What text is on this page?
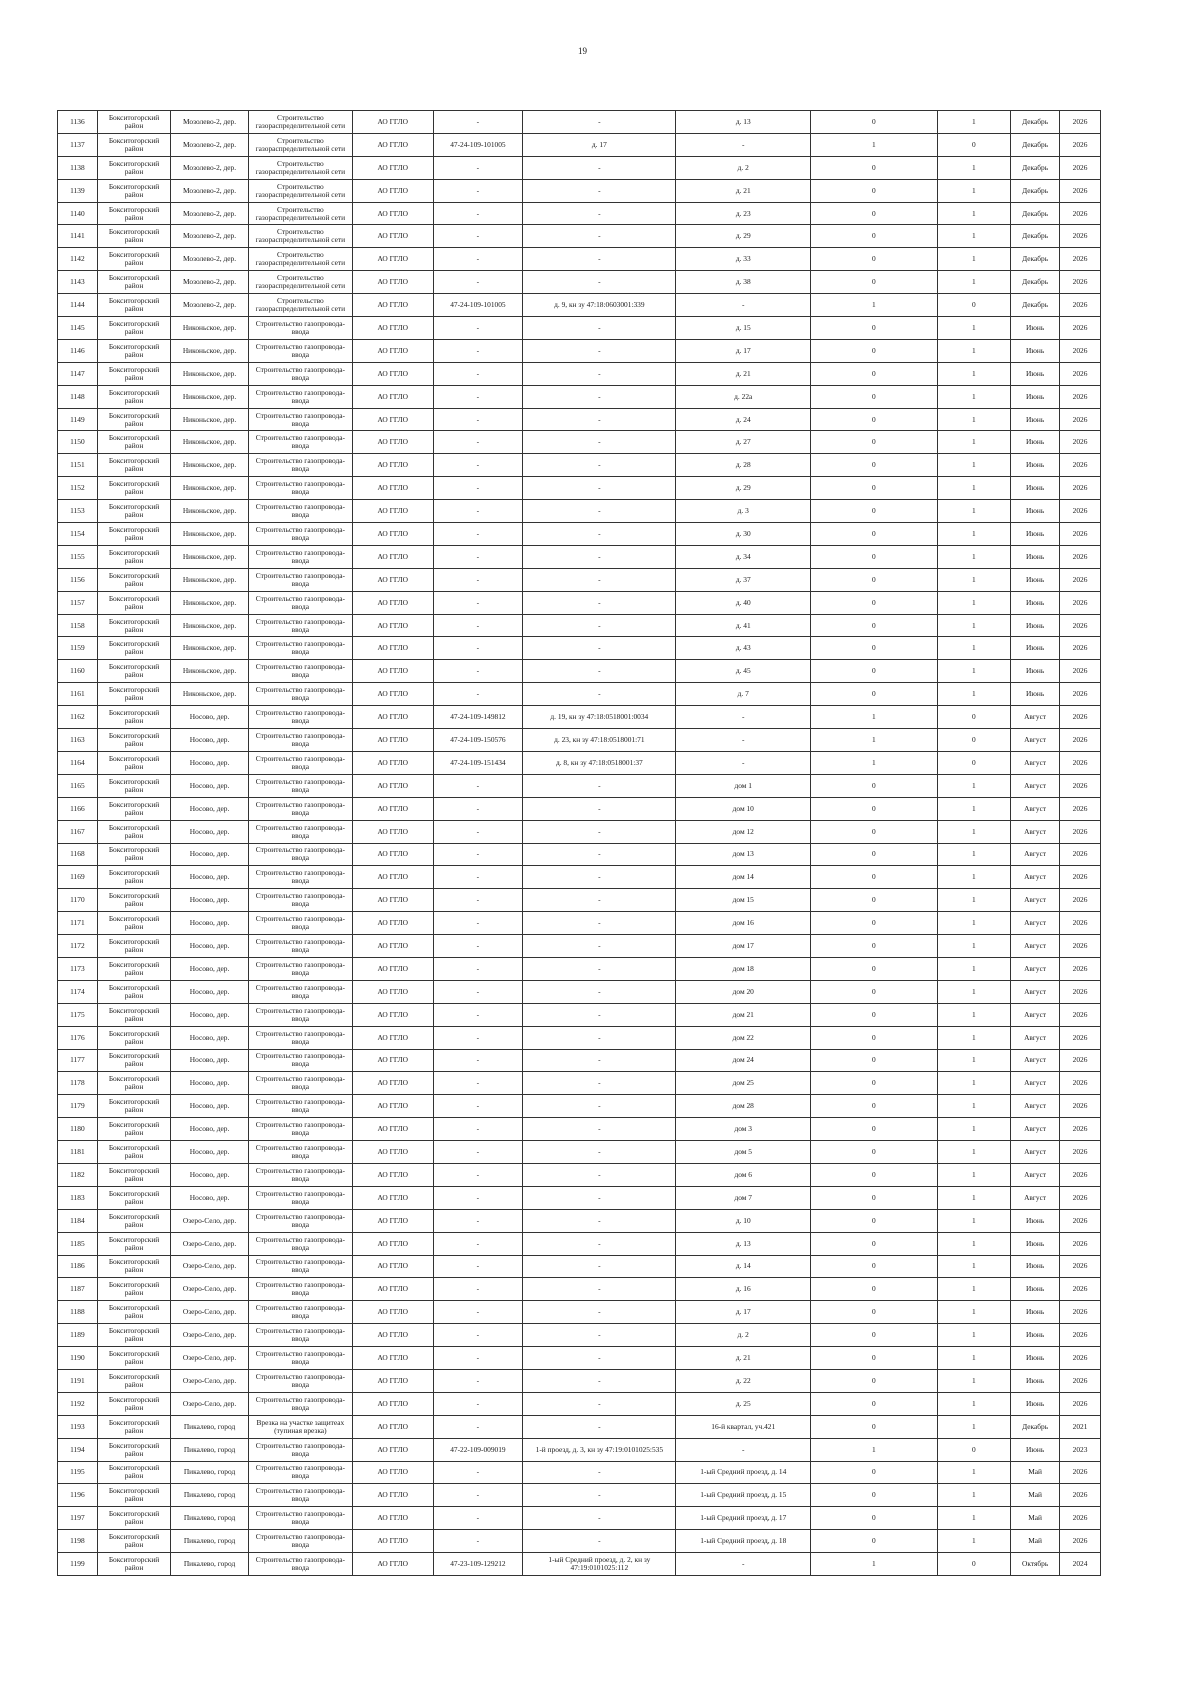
19
1136	Бокситогорский район	Мозолево-2, дер.	Строительство газораспределительной сети	АО ГГЛО	-	-	д. 13	0	1	Декабрь	2026
1137	Бокситогорский район	Мозолево-2, дер.	Строительство газораспределительной сети	АО ГГЛО	47-24-109-101005	д. 17	-	1	0	Декабрь	2026
1138	Бокситогорский район	Мозолево-2, дер.	Строительство газораспределительной сети	АО ГГЛО	-	-	д. 2	0	1	Декабрь	2026
1139	Бокситогорский район	Мозолево-2, дер.	Строительство газораспределительной сети	АО ГГЛО	-	-	д. 21	0	1	Декабрь	2026
1140	Бокситогорский район	Мозолево-2, дер.	Строительство газораспределительной сети	АО ГГЛО	-	-	д. 23	0	1	Декабрь	2026
1141	Бокситогорский район	Мозолево-2, дер.	Строительство газораспределительной сети	АО ГГЛО	-	-	д. 29	0	1	Декабрь	2026
1142	Бокситогорский район	Мозолево-2, дер.	Строительство газораспределительной сети	АО ГГЛО	-	-	д. 33	0	1	Декабрь	2026
1143	Бокситогорский район	Мозолево-2, дер.	Строительство газораспределительной сети	АО ГГЛО	-	-	д. 38	0	1	Декабрь	2026
1144	Бокситогорский район	Мозолево-2, дер.	Строительство газораспределительной сети	АО ГГЛО	47-24-109-101005	д. 9, кн зу 47:18:0603001:339	-	1	0	Декабрь	2026
1145	Бокситогорский район	Никоньское, дер.	Строительство газопровода-ввода	АО ГГЛО	-	-	д. 15	0	1	Июнь	2026
1146	Бокситогорский район	Никоньское, дер.	Строительство газопровода-ввода	АО ГГЛО	-	-	д. 17	0	1	Июнь	2026
1147	Бокситогорский район	Никоньское, дер.	Строительство газопровода-ввода	АО ГГЛО	-	-	д. 21	0	1	Июнь	2026
1148	Бокситогорский район	Никоньское, дер.	Строительство газопровода-ввода	АО ГГЛО	-	-	д. 22а	0	1	Июнь	2026
1149	Бокситогорский район	Никоньское, дер.	Строительство газопровода-ввода	АО ГГЛО	-	-	д. 24	0	1	Июнь	2026
1150	Бокситогорский район	Никоньское, дер.	Строительство газопровода-ввода	АО ГГЛО	-	-	д. 27	0	1	Июнь	2026
1151	Бокситогорский район	Никоньское, дер.	Строительство газопровода-ввода	АО ГГЛО	-	-	д. 28	0	1	Июнь	2026
1152	Бокситогорский район	Никоньское, дер.	Строительство газопровода-ввода	АО ГГЛО	-	-	д. 29	0	1	Июнь	2026
1153	Бокситогорский район	Никоньское, дер.	Строительство газопровода-ввода	АО ГГЛО	-	-	д. 3	0	1	Июнь	2026
1154	Бокситогорский район	Никоньское, дер.	Строительство газопровода-ввода	АО ГГЛО	-	-	д. 30	0	1	Июнь	2026
1155	Бокситогорский район	Никоньское, дер.	Строительство газопровода-ввода	АО ГГЛО	-	-	д. 34	0	1	Июнь	2026
1156	Бокситогорский район	Никоньское, дер.	Строительство газопровода-ввода	АО ГГЛО	-	-	д. 37	0	1	Июнь	2026
1157	Бокситогорский район	Никоньское, дер.	Строительство газопровода-ввода	АО ГГЛО	-	-	д. 40	0	1	Июнь	2026
1158	Бокситогорский район	Никоньское, дер.	Строительство газопровода-ввода	АО ГГЛО	-	-	д. 41	0	1	Июнь	2026
1159	Бокситогорский район	Никоньское, дер.	Строительство газопровода-ввода	АО ГГЛО	-	-	д. 43	0	1	Июнь	2026
1160	Бокситогорский район	Никоньское, дер.	Строительство газопровода-ввода	АО ГГЛО	-	-	д. 45	0	1	Июнь	2026
1161	Бокситогорский район	Никоньское, дер.	Строительство газопровода-ввода	АО ГГЛО	-	-	д. 7	0	1	Июнь	2026
1162	Бокситогорский район	Носово, дер.	Строительство газопровода-ввода	АО ГГЛО	47-24-109-149812	д. 19, кн зу 47:18:0518001:0034	-	1	0	Август	2026
1163	Бокситогорский район	Носово, дер.	Строительство газопровода-ввода	АО ГГЛО	47-24-109-150576	д. 23, кн зу 47:18:0518001:71	-	1	0	Август	2026
1164	Бокситогорский район	Носово, дер.	Строительство газопровода-ввода	АО ГГЛО	47-24-109-151434	д. 8, кн зу 47:18:0518001:37	-	1	0	Август	2026
1165	Бокситогорский район	Носово, дер.	Строительство газопровода-ввода	АО ГГЛО	-	-	дом 1	0	1	Август	2026
1166	Бокситогорский район	Носово, дер.	Строительство газопровода-ввода	АО ГГЛО	-	-	дом 10	0	1	Август	2026
1167	Бокситогорский район	Носово, дер.	Строительство газопровода-ввода	АО ГГЛО	-	-	дом 12	0	1	Август	2026
1168	Бокситогорский район	Носово, дер.	Строительство газопровода-ввода	АО ГГЛО	-	-	дом 13	0	1	Август	2026
1169	Бокситогорский район	Носово, дер.	Строительство газопровода-ввода	АО ГГЛО	-	-	дом 14	0	1	Август	2026
1170	Бокситогорский район	Носово, дер.	Строительство газопровода-ввода	АО ГГЛО	-	-	дом 15	0	1	Август	2026
1171	Бокситогорский район	Носово, дер.	Строительство газопровода-ввода	АО ГГЛО	-	-	дом 16	0	1	Август	2026
1172	Бокситогорский район	Носово, дер.	Строительство газопровода-ввода	АО ГГЛО	-	-	дом 17	0	1	Август	2026
1173	Бокситогорский район	Носово, дер.	Строительство газопровода-ввода	АО ГГЛО	-	-	дом 18	0	1	Август	2026
1174	Бокситогорский район	Носово, дер.	Строительство газопровода-ввода	АО ГГЛО	-	-	дом 20	0	1	Август	2026
1175	Бокситогорский район	Носово, дер.	Строительство газопровода-ввода	АО ГГЛО	-	-	дом 21	0	1	Август	2026
1176	Бокситогорский район	Носово, дер.	Строительство газопровода-ввода	АО ГГЛО	-	-	дом 22	0	1	Август	2026
1177	Бокситогорский район	Носово, дер.	Строительство газопровода-ввода	АО ГГЛО	-	-	дом 24	0	1	Август	2026
1178	Бокситогорский район	Носово, дер.	Строительство газопровода-ввода	АО ГГЛО	-	-	дом 25	0	1	Август	2026
1179	Бокситогорский район	Носово, дер.	Строительство газопровода-ввода	АО ГГЛО	-	-	дом 28	0	1	Август	2026
1180	Бокситогорский район	Носово, дер.	Строительство газопровода-ввода	АО ГГЛО	-	-	дом 3	0	1	Август	2026
1181	Бокситогорский район	Носово, дер.	Строительство газопровода-ввода	АО ГГЛО	-	-	дом 5	0	1	Август	2026
1182	Бокситогорский район	Носово, дер.	Строительство газопровода-ввода	АО ГГЛО	-	-	дом 6	0	1	Август	2026
1183	Бокситогорский район	Носово, дер.	Строительство газопровода-ввода	АО ГГЛО	-	-	дом 7	0	1	Август	2026
1184	Бокситогорский район	Озеро-Село, дер.	Строительство газопровода-ввода	АО ГГЛО	-	-	д. 10	0	1	Июнь	2026
1185	Бокситогорский район	Озеро-Село, дер.	Строительство газопровода-ввода	АО ГГЛО	-	-	д. 13	0	1	Июнь	2026
1186	Бокситогорский район	Озеро-Село, дер.	Строительство газопровода-ввода	АО ГГЛО	-	-	д. 14	0	1	Июнь	2026
1187	Бокситогорский район	Озеро-Село, дер.	Строительство газопровода-ввода	АО ГГЛО	-	-	д. 16	0	1	Июнь	2026
1188	Бокситогорский район	Озеро-Село, дер.	Строительство газопровода-ввода	АО ГГЛО	-	-	д. 17	0	1	Июнь	2026
1189	Бокситогорский район	Озеро-Село, дер.	Строительство газопровода-ввода	АО ГГЛО	-	-	д. 2	0	1	Июнь	2026
1190	Бокситогорский район	Озеро-Село, дер.	Строительство газопровода-ввода	АО ГГЛО	-	-	д. 21	0	1	Июнь	2026
1191	Бокситогорский район	Озеро-Село, дер.	Строительство газопровода-ввода	АО ГГЛО	-	-	д. 22	0	1	Июнь	2026
1192	Бокситогорский район	Озеро-Село, дер.	Строительство газопровода-ввода	АО ГГЛО	-	-	д. 25	0	1	Июнь	2026
1193	Бокситогорский район	Пикалево, город	Врезка на участке защитеах (тупиная врезка)	АО ГГЛО	-	-	16-й квартал, уч.421	0	1	Декабрь	2021
1194	Бокситогорский район	Пикалево, город	Строительство газопровода-ввода	АО ГГЛО	47-22-109-009019	1-й проезд, д. 3, кн зу 47:19:0101025:535	-	1	0	Июнь	2023
1195	Бокситогорский район	Пикалево, город	Строительство газопровода-ввода	АО ГГЛО	-	-	1-ый Средний проезд, д. 14	0	1	Май	2026
1196	Бокситогорский район	Пикалево, город	Строительство газопровода-ввода	АО ГГЛО	-	-	1-ый Средний проезд, д. 15	0	1	Май	2026
1197	Бокситогорский район	Пикалево, город	Строительство газопровода-ввода	АО ГГЛО	-	-	1-ый Средний проезд, д. 17	0	1	Май	2026
1198	Бокситогорский район	Пикалево, город	Строительство газопровода-ввода	АО ГГЛО	-	-	1-ый Средний проезд, д. 18	0	1	Май	2026
1199	Бокситогорский район	Пикалево, город	Строительство газопровода-ввода	АО ГГЛО	47-23-109-129212	1-ый Средний проезд, д. 2, кн зу 47:19:0101025:112	-	1	0	Октябрь	2024
